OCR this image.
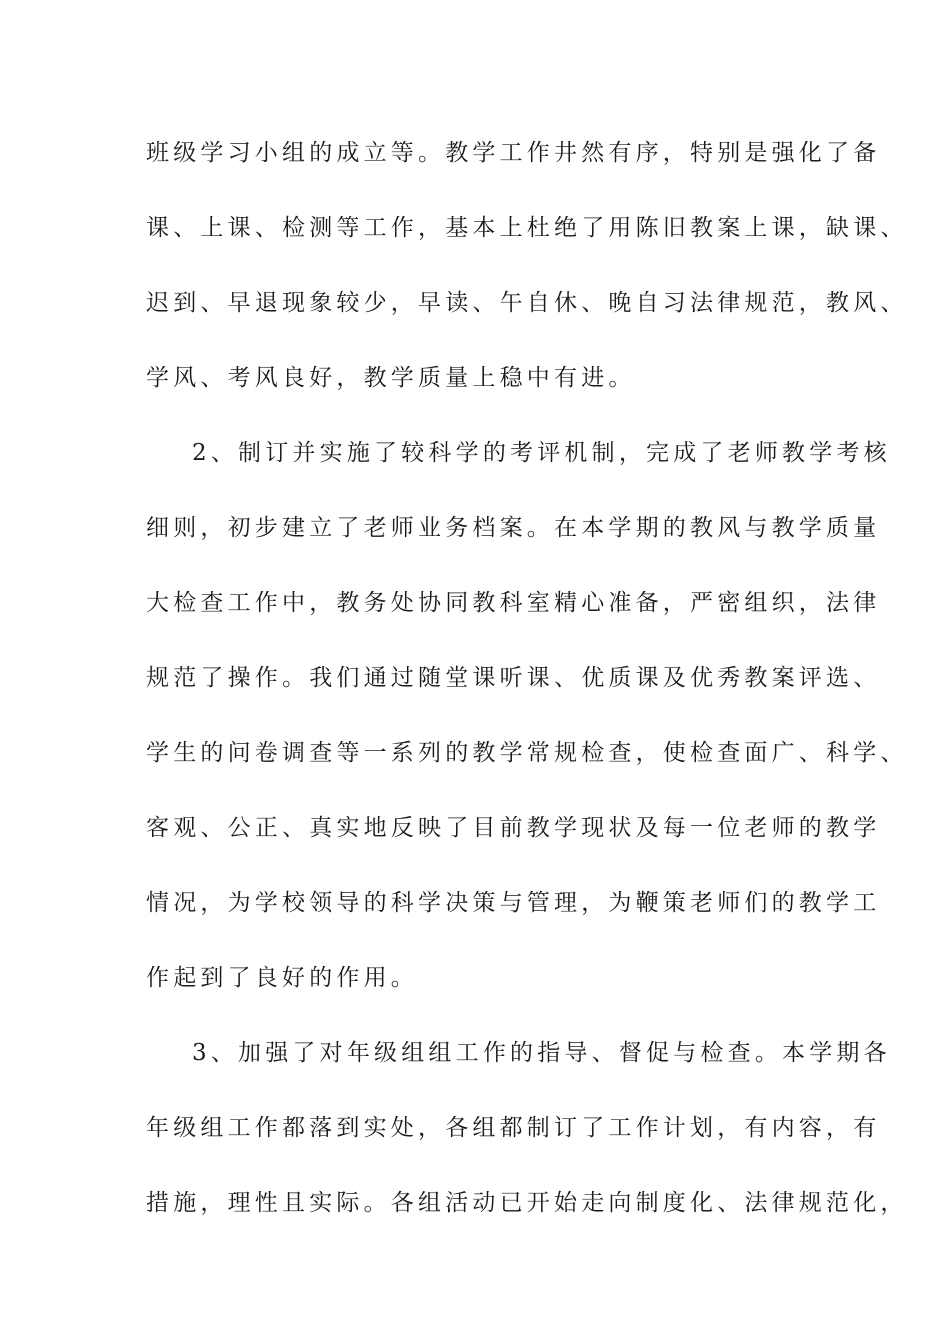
班级学习小组的成立等。教学工作井然有序，特别是强化了备
课、上课、检测等工作，基本上杜绝了用陈旧教案上课，缺课、
迟到、早退现象较少，早读、午自休、晚自习法律规范，教风、
学风、考风良好，教学质量上稳中有进。
2、制订并实施了较科学的考评机制，完成了老师教学考核
细则，初步建立了老师业务档案。在本学期的教风与教学质量
大检查工作中，教务处协同教科室精心准备，严密组织，法律
规范了操作。我们通过随堂课听课、优质课及优秀教案评选、
学生的问卷调查等一系列的教学常规检查，使检查面广、科学、
客观、公正、真实地反映了目前教学现状及每一位老师的教学
情况，为学校领导的科学决策与管理，为鞭策老师们的教学工
作起到了良好的作用。
3、加强了对年级组组工作的指导、督促与检查。本学期各
年级组工作都落到实处，各组都制订了工作计划，有内容，有
措施，理性且实际。各组活动已开始走向制度化、法律规范化，
